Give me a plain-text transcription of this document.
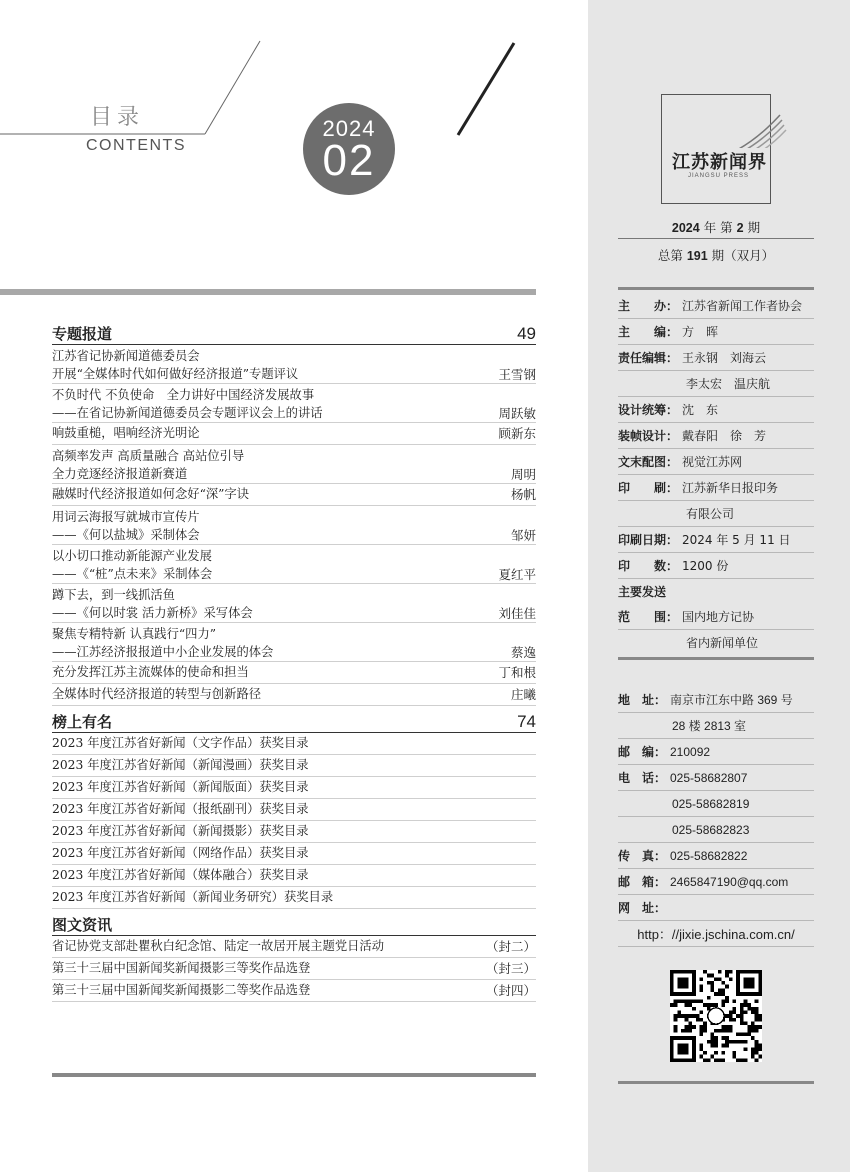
目录
CONTENTS
2024
02
专题报道	49
江苏省记协新闻道德委员会
开展“全媒体时代如何做好经济报道”专题评议	王雪钢
不负时代 不负使命　全力讲好中国经济发展故事
——在省记协新闻道德委员会专题评议会上的讲话	周跃敏
响鼓重槌，唱响经济光明论	顾新东
高频率发声 高质量融合 高站位引导
全力竞逐经济报道新赛道	周明
融媒时代经济报道如何念好“深”字诀	杨帆
用词云海报写就城市宣传片
——《何以盐城》采制体会	邹妍
以小切口推动新能源产业发展
——《“桩”点未来》采制体会	夏红平
蹲下去，到一线抓活鱼
——《何以时裳 活力新桥》采写体会	刘佳佳
聚焦专精特新 认真践行“四力”
——江苏经济报报道中小企业发展的体会	蔡逸
充分发挥江苏主流媒体的使命和担当	丁和根
全媒体时代经济报道的转型与创新路径	庄曦
榜上有名	74
2023 年度江苏省好新闻（文字作品）获奖目录
2023 年度江苏省好新闻（新闻漫画）获奖目录
2023 年度江苏省好新闻（新闻版面）获奖目录
2023 年度江苏省好新闻（报纸副刊）获奖目录
2023 年度江苏省好新闻（新闻摄影）获奖目录
2023 年度江苏省好新闻（网络作品）获奖目录
2023 年度江苏省好新闻（媒体融合）获奖目录
2023 年度江苏省好新闻（新闻业务研究）获奖目录
图文资讯
省记协党支部赴瞿秋白纪念馆、陆定一故居开展主题党日活动	（封二）
第三十三届中国新闻奖新闻摄影三等奖作品选登	（封三）
第三十三届中国新闻奖新闻摄影二等奖作品选登	（封四）
江苏新闻界
JIANGSU PRESS
2024 年 第 2 期
总第 191 期（双月）
主　　办： 江苏省新闻工作者协会
主　　编： 方　晖
责任编辑： 王永钢　刘海云
李太宏　温庆航
设计统筹： 沈　东
装帧设计： 戴春阳　徐　芳
文末配图： 视觉江苏网
印　　刷： 江苏新华日报印务
有限公司
印刷日期： 2024 年 5 月 11 日
印　　数： 1200 份
主要发送
范　　围： 国内地方记协
省内新闻单位
地　址： 南京市江东中路 369 号
28 楼 2813 室
邮　编： 210092
电　话： 025-58682807
025-58682819
025-58682823
传　真： 025-58682822
邮　箱： 2465847190@qq.com
网　址：
http：//jixie.jschina.com.cn/
